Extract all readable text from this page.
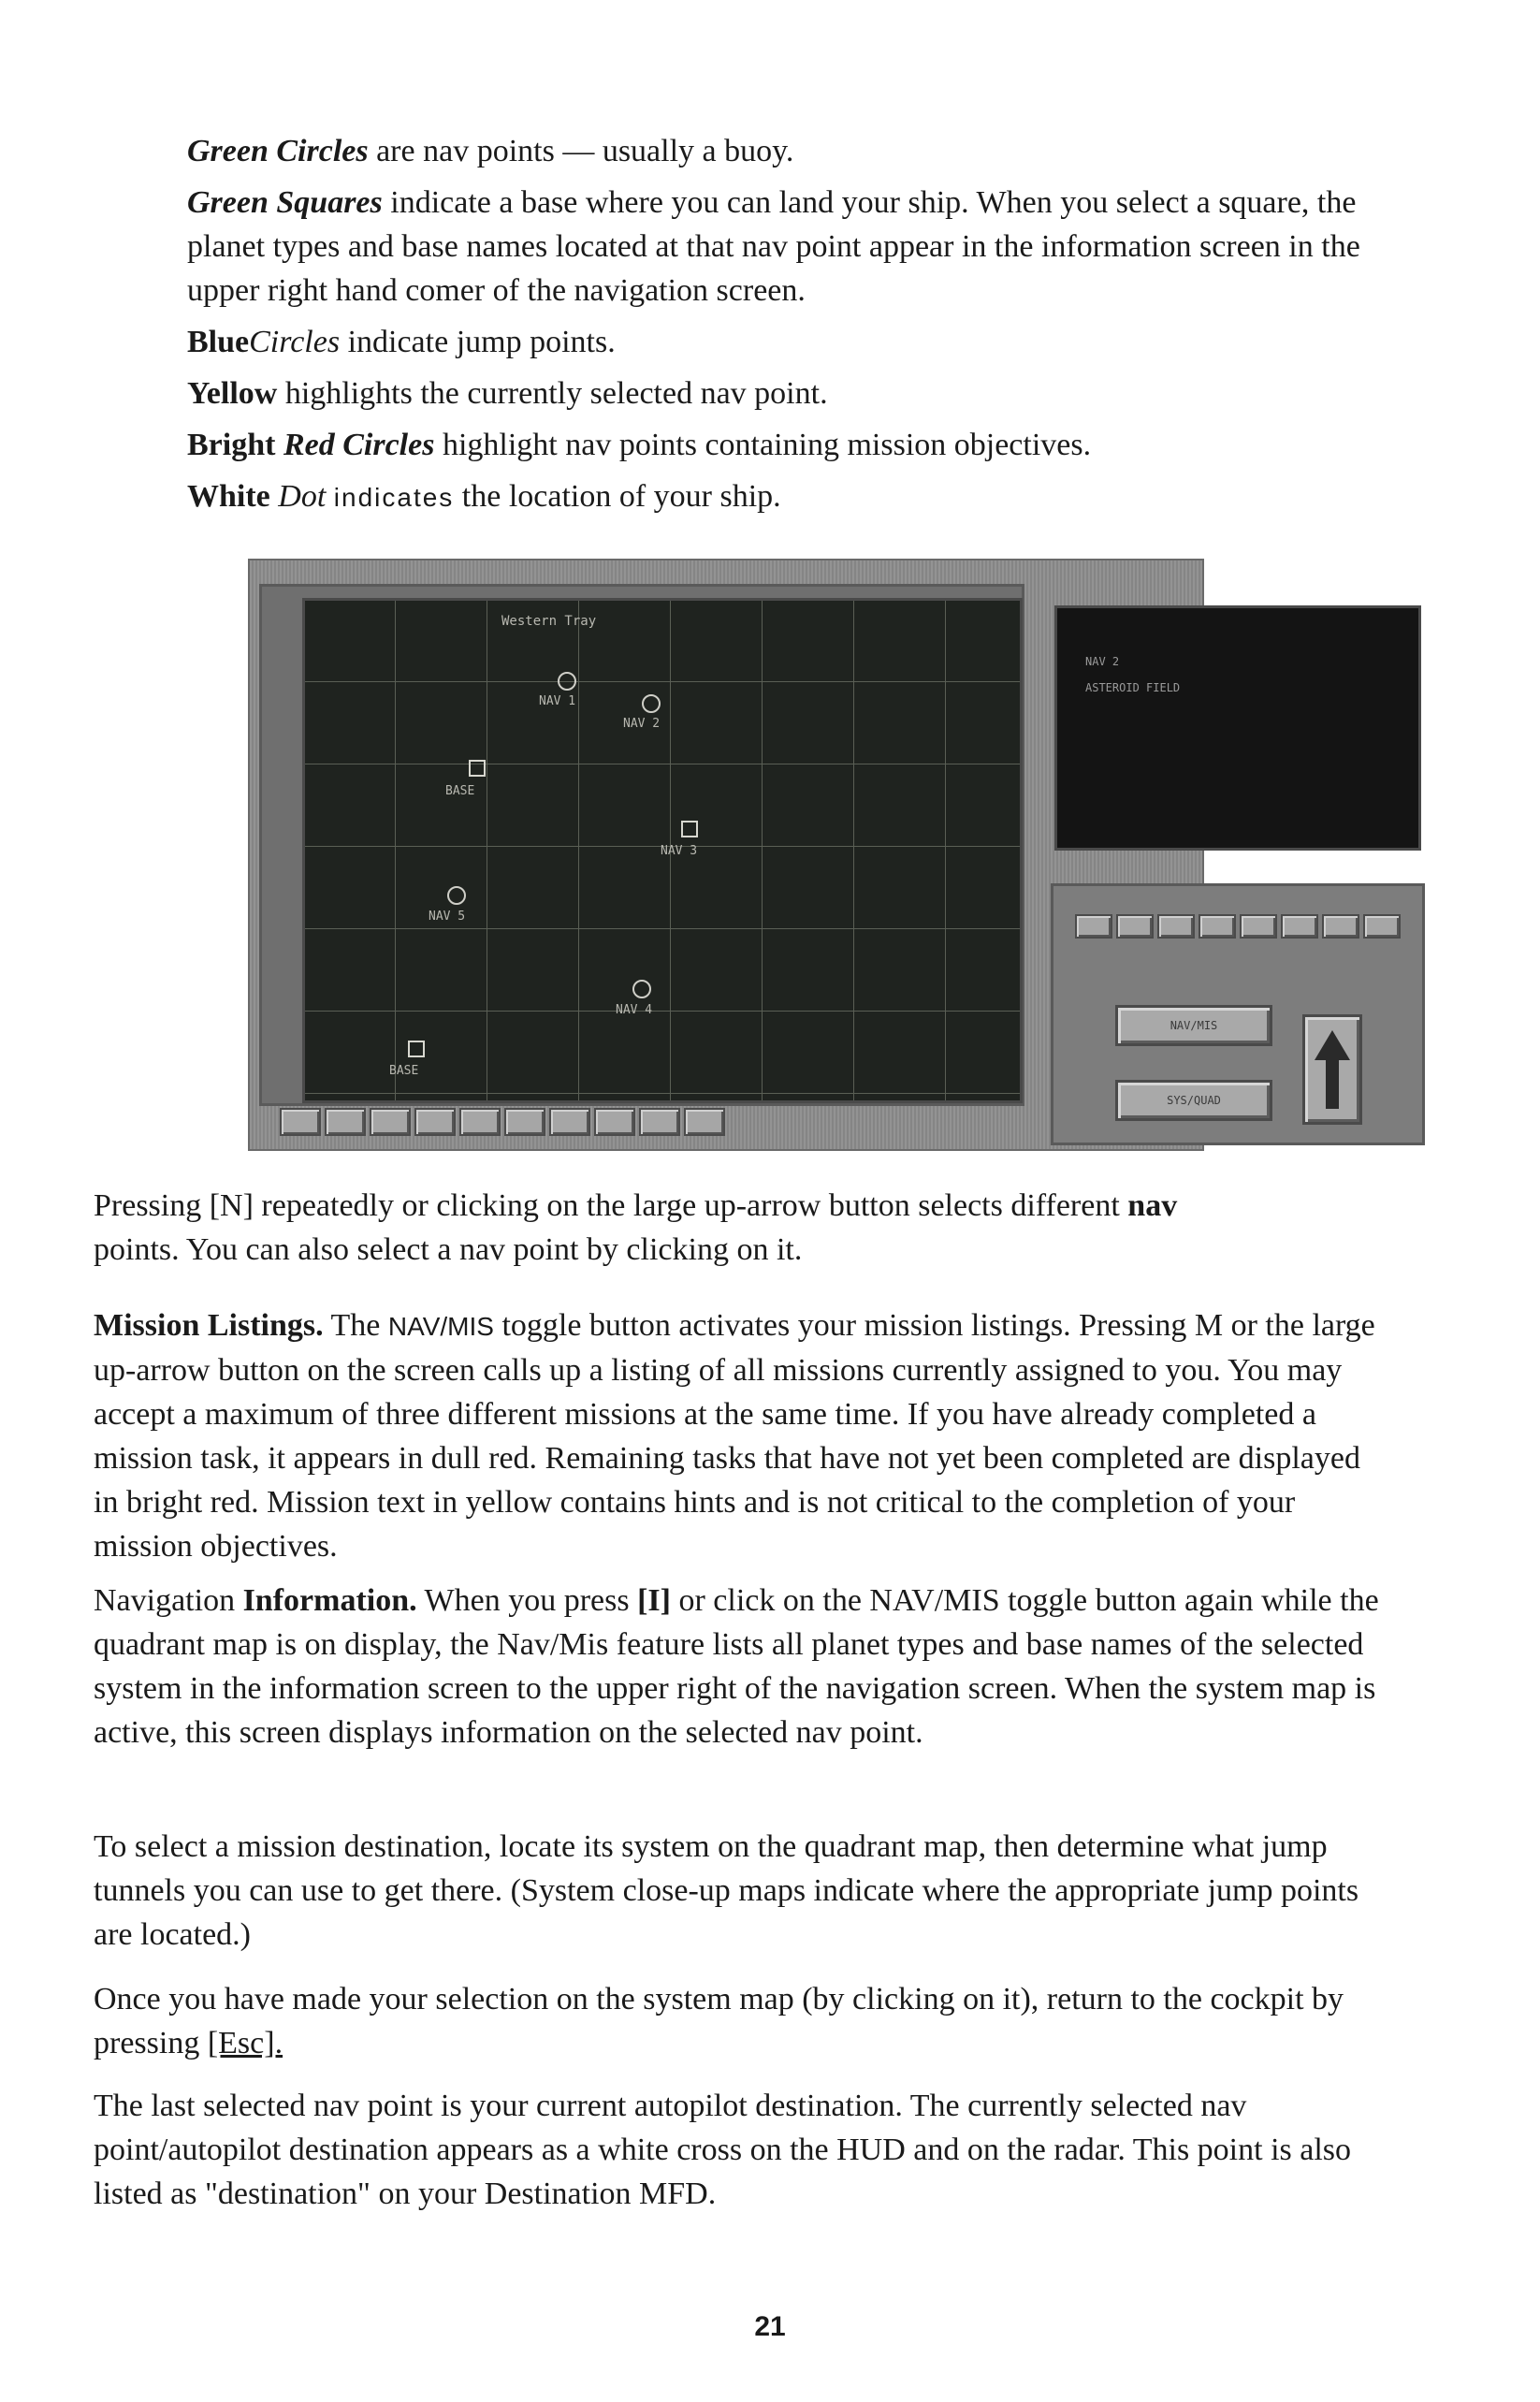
Green Circles are nav points — usually a buoy.

Green Squares indicate a base where you can land your ship. When you select a square, the planet types and base names located at that nav point appear in the information screen in the upper right hand comer of the navigation screen.

BlueCircles indicate jump points.

Yellow highlights the currently selected nav point.

Bright Red Circles highlight nav points containing mission objectives.

White Dot indicates the location of your ship.

Western Tray
NAV 1
NAV 2
BASE
NAV 3
NAV 5
NAV 4
BASE
NAV 2
ASTEROID FIELD
NAV/MIS
SYS/QUAD

Pressing [N] repeatedly or clicking on the large up-arrow button selects different nav
points. You can also select a nav point by clicking on it.

Mission Listings. The NAV/MIS toggle button activates your mission listings. Pressing M or the large up-arrow button on the screen calls up a listing of all missions currently assigned to you. You may accept a maximum of three different missions at the same time. If you have already completed a mission task, it appears in dull red. Remaining tasks that have not yet been completed are displayed in bright red. Mission text in yellow contains hints and is not critical to the completion of your mission objectives.

Navigation Information. When you press [I] or click on the NAV/MIS toggle button again while the quadrant map is on display, the Nav/Mis feature lists all planet types and base names of the selected system in the information screen to the upper right of the navigation screen. When the system map is active, this screen displays information on the selected nav point.

To select a mission destination, locate its system on the quadrant map, then determine what jump tunnels you can use to get there. (System close-up maps indicate where the appropriate jump points are located.)

Once you have made your selection on the system map (by clicking on it), return to the cockpit by pressing [Esc].

The last selected nav point is your current autopilot destination. The currently selected nav point/autopilot destination appears as a white cross on the HUD and on the radar. This point is also listed as "destination" on your Destination MFD.

21
